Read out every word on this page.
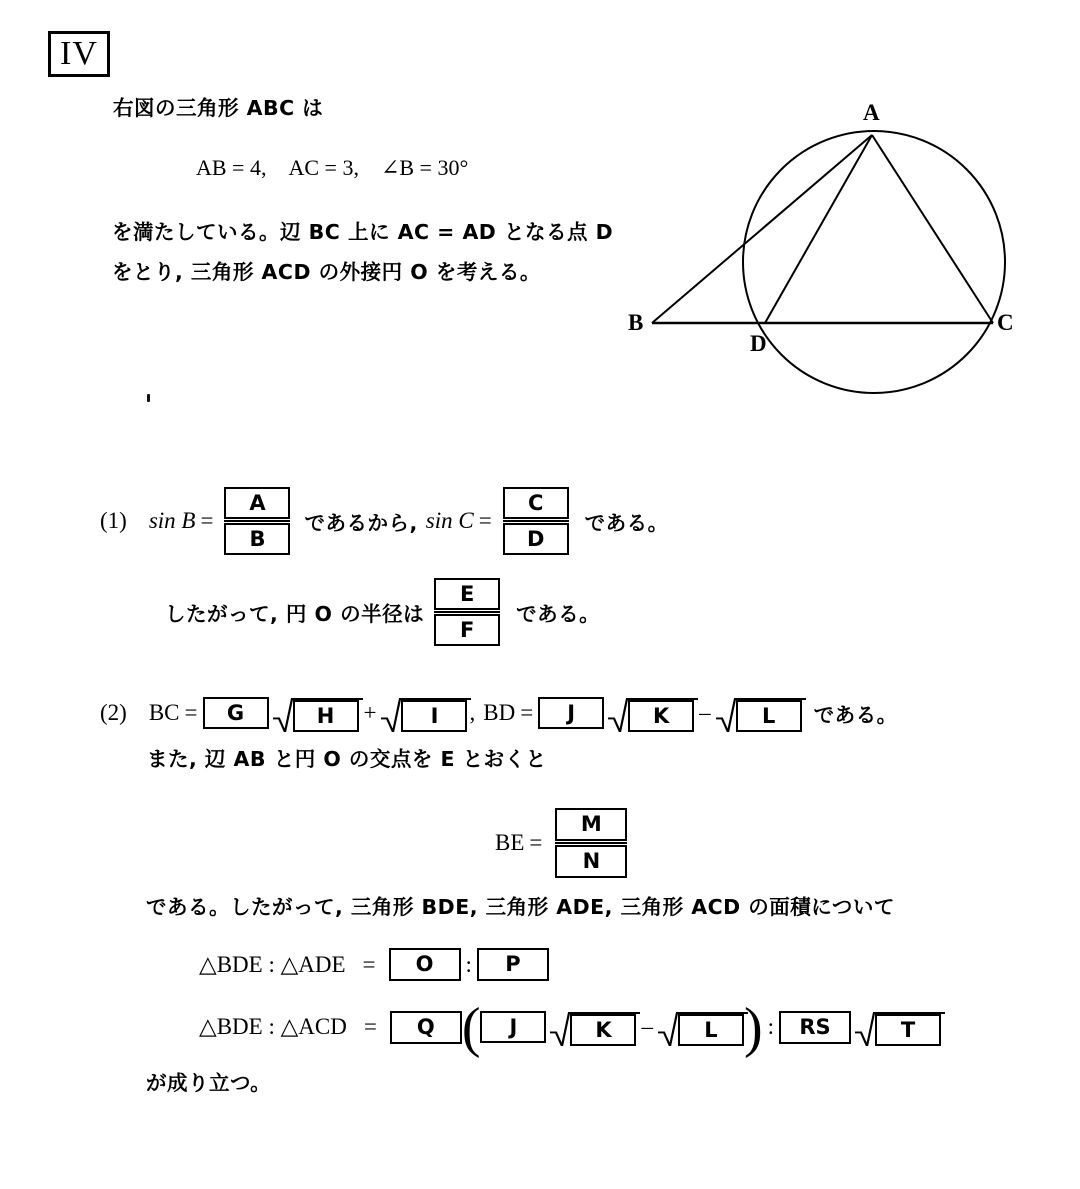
IV
右図の三角形 ABC は
AB = 4, AC = 3, ∠B = 30°
を満たしている。辺 BC 上に AC = AD となる点 D
をとり, 三角形 ACD の外接円 O を考える。
A
B	C
D
(1) $\sin B = \frac{A}{B}$ であるから, $\sin C = \frac{C}{D}$ である。
したがって, 円 O の半径は $\frac{E}{F}$ である。
(2) BC =	G	H	+	I	, BD =	J	K	–	L	である。
また, 辺 AB と円 O の交点を E とおくと
BE = $\frac{M}{N}$
である。したがって, 三角形 BDE, 三角形 ADE, 三角形 ACD の面積について
△BDE : △ADE =	O	:	P
△BDE : △ACD =	Q (	J	K	–	L ) :	RS	T
が成り立つ。
